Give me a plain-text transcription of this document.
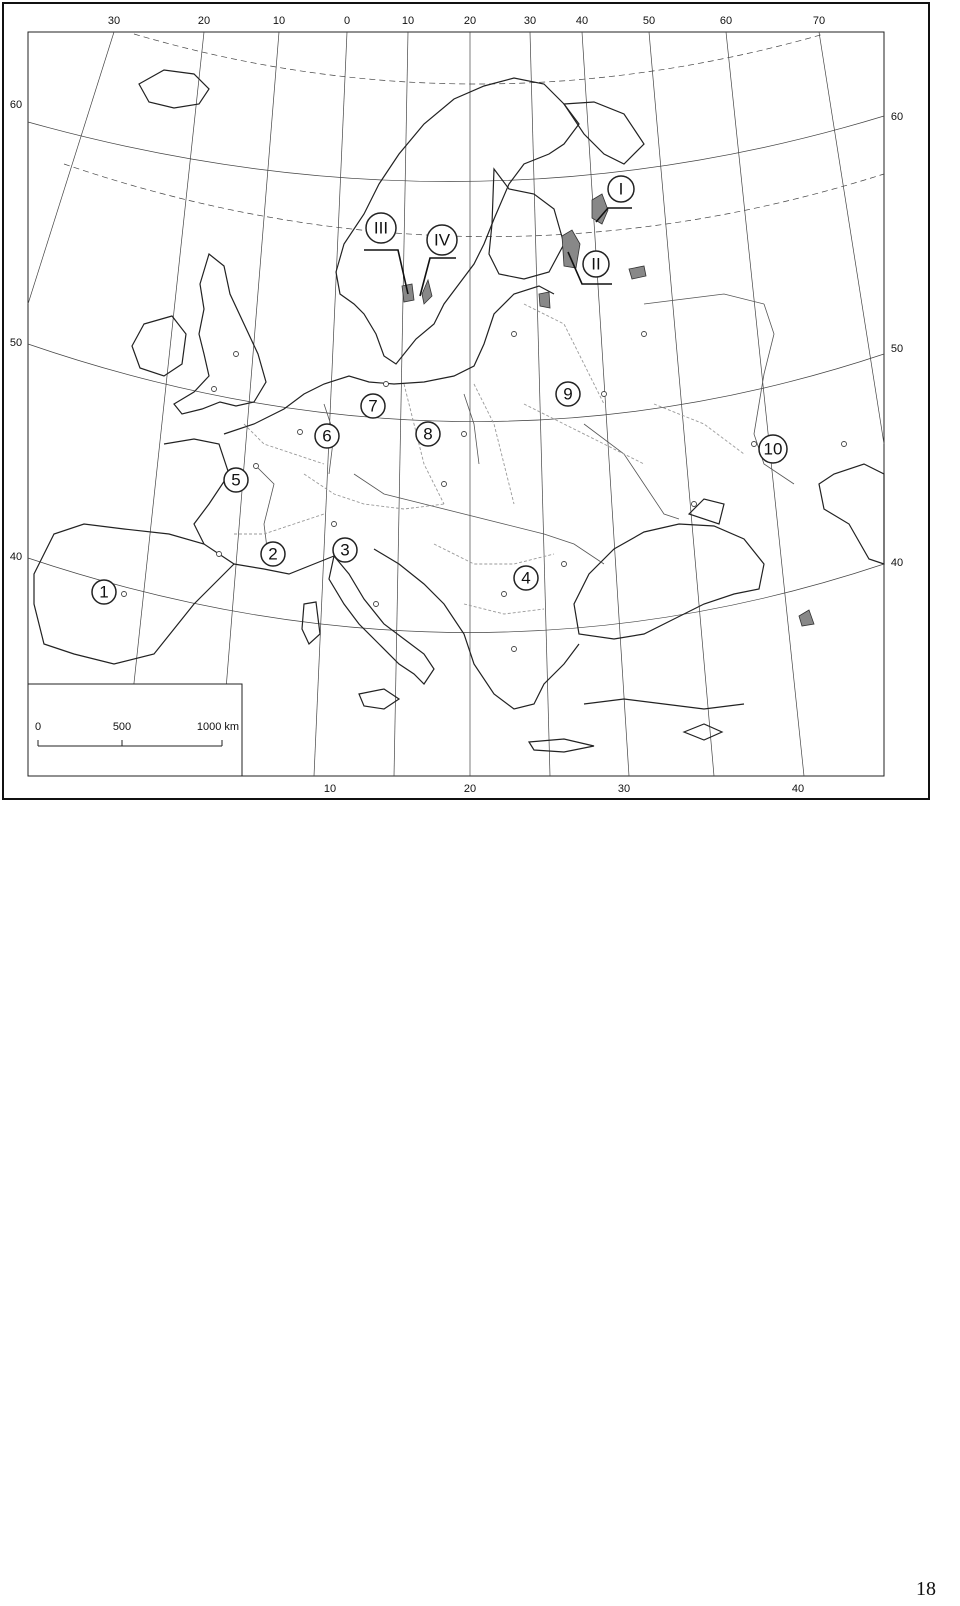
0	500	1000 km
30	20	10	0	10	20	30	40	50	60	70
10	20	30	40
60
50
40
60
50
40
1
2	3
4
5
6
7
8
9
10
I
II
III
IV
18
